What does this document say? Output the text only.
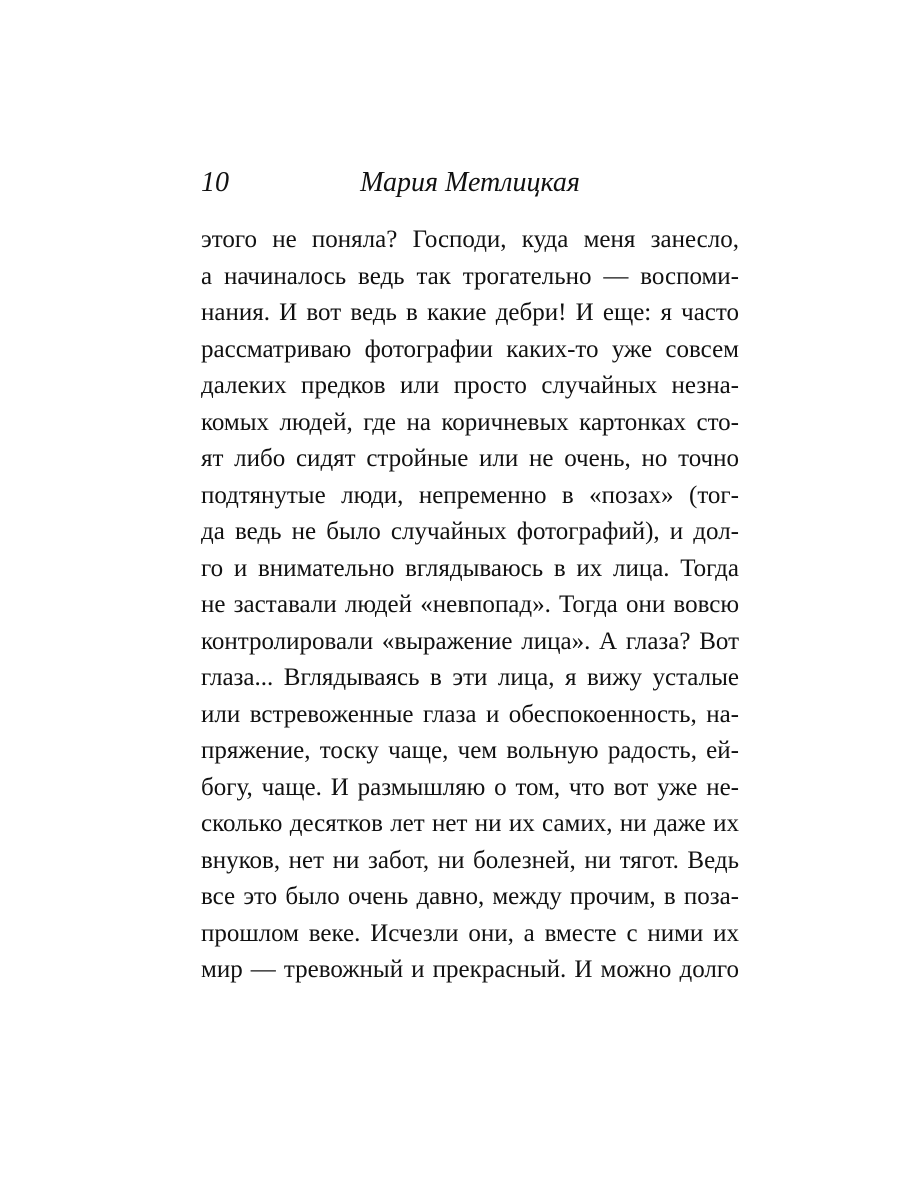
10	Мария Метлицкая
этого не поняла? Господи, куда меня занесло,
а начиналось ведь так трогательно — воспоми-
нания. И вот ведь в какие дебри! И еще: я часто
рассматриваю фотографии каких-то уже совсем
далеких предков или просто случайных незна-
комых людей, где на коричневых картонках сто-
ят либо сидят стройные или не очень, но точно
подтянутые люди, непременно в «позах» (тог-
да ведь не было случайных фотографий), и дол-
го и внимательно вглядываюсь в их лица. Тогда
не заставали людей «невпопад». Тогда они вовсю
контролировали «выражение лица». А глаза? Вот
глаза... Вглядываясь в эти лица, я вижу усталые
или встревоженные глаза и обеспокоенность, на-
пряжение, тоску чаще, чем вольную радость, ей-
богу, чаще. И размышляю о том, что вот уже не-
сколько десятков лет нет ни их самих, ни даже их
внуков, нет ни забот, ни болезней, ни тягот. Ведь
все это было очень давно, между прочим, в поза-
прошлом веке. Исчезли они, а вместе с ними их
мир — тревожный и прекрасный. И можно долго
